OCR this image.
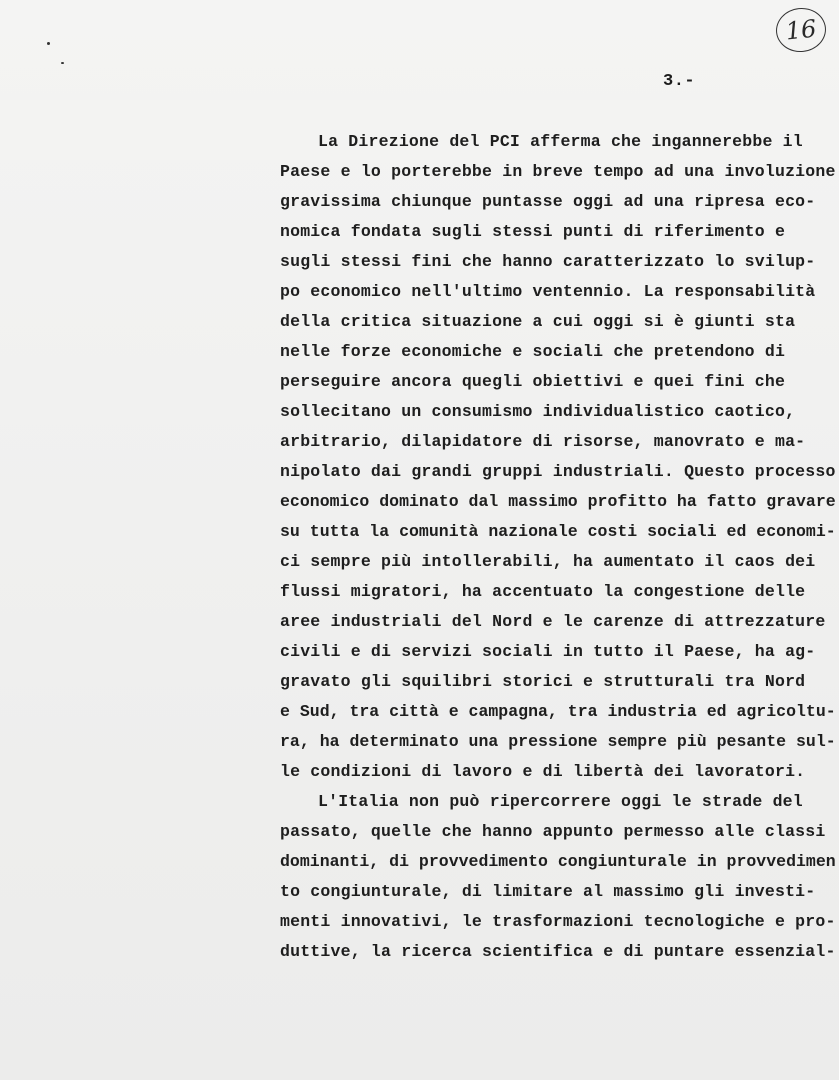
16
3.-
La Direzione del PCI afferma che ingannerebbe il
Paese e lo porterebbe in breve tempo ad una involuzione
gravissima chiunque puntasse oggi ad una ripresa eco-
nomica fondata sugli stessi punti di riferimento e
sugli stessi fini che hanno caratterizzato lo svilup-
po economico nell'ultimo ventennio. La responsabilità
della critica situazione a cui oggi si è giunti sta
nelle forze economiche e sociali che pretendono di
perseguire ancora quegli obiettivi e quei fini che
sollecitano un consumismo individualistico caotico,
arbitrario, dilapidatore di risorse, manovrato e ma-
nipolato dai grandi gruppi industriali. Questo processo
economico dominato dal massimo profitto ha fatto gravare
su tutta la comunità nazionale costi sociali ed economi-
ci sempre più intollerabili, ha aumentato il caos dei
flussi migratori, ha accentuato la congestione delle
aree industriali del Nord e le carenze di attrezzature
civili e di servizi sociali in tutto il Paese, ha ag-
gravato gli squilibri storici e strutturali tra Nord
e Sud, tra città e campagna, tra industria ed agricoltu-
ra, ha determinato una pressione sempre più pesante sul-
le condizioni di lavoro e di libertà dei lavoratori.
L'Italia non può ripercorrere oggi le strade del
passato, quelle che hanno appunto permesso alle classi
dominanti, di provvedimento congiunturale in provvedimen
to congiunturale, di limitare al massimo gli investi-
menti innovativi, le trasformazioni tecnologiche e pro-
duttive, la ricerca scientifica e di puntare essenzial-
